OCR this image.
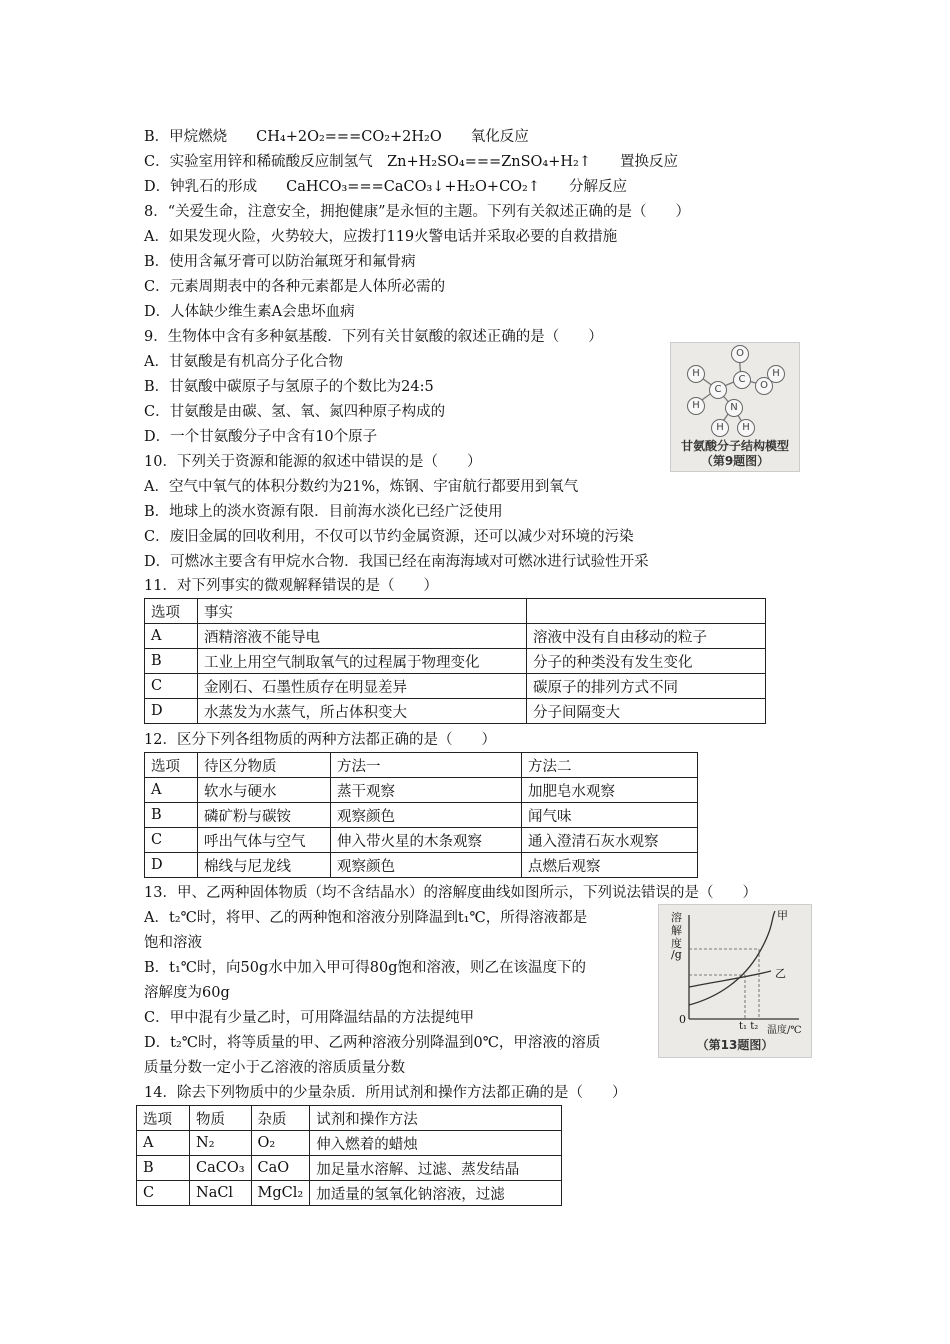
B．甲烷燃烧　　CH₄+2O₂===CO₂+2H₂O　　氧化反应
C．实验室用锌和稀硫酸反应制氢气　Zn+H₂SO₄===ZnSO₄+H₂↑　　置换反应
D．钟乳石的形成　　CaHCO₃===CaCO₃↓+H₂O+CO₂↑　　分解反应
8．“关爱生命，注意安全，拥抱健康”是永恒的主题。下列有关叙述正确的是（　　）
A．如果发现火险，火势较大，应拨打119火警电话并采取必要的自救措施
B．使用含氟牙膏可以防治氟斑牙和氟骨病
C．元素周期表中的各种元素都是人体所必需的
D．人体缺少维生素A会患坏血病
9．生物体中含有多种氨基酸．下列有关甘氨酸的叙述正确的是（　　）
A．甘氨酸是有机高分子化合物
B．甘氨酸中碳原子与氢原子的个数比为24:5
C．甘氨酸是由碳、氢、氧、氮四种原子构成的
D．一个甘氨酸分子中含有10个原子
10．下列关于资源和能源的叙述中错误的是（　　）
A．空气中氧气的体积分数约为21%，炼钢、宇宙航行都要用到氧气
B．地球上的淡水资源有限．目前海水淡化已经广泛使用
C．废旧金属的回收利用，不仅可以节约金属资源，还可以减少对环境的污染
D．可燃冰主要含有甲烷水合物．我国已经在南海海域对可燃冰进行试验性开采
11．对下列事实的微观解释错误的是（　　）
O
C
O
H
C
N
H
H
H	H
甘氨酸分子结构模型
（第9题图）
选项	事实	
A	酒精溶液不能导电	溶液中没有自由移动的粒子
B	工业上用空气制取氧气的过程属于物理变化	分子的种类没有发生变化
C	金刚石、石墨性质存在明显差异	碳原子的排列方式不同
D	水蒸发为水蒸气，所占体积变大	分子间隔变大
12．区分下列各组物质的两种方法都正确的是（　　）
选项	待区分物质	方法一	方法二
A	软水与硬水	蒸干观察	加肥皂水观察
B	磷矿粉与碳铵	观察颜色	闻气味
C	呼出气体与空气	伸入带火星的木条观察	通入澄清石灰水观察
D	棉线与尼龙线	观察颜色	点燃后观察
13．甲、乙两种固体物质（均不含结晶水）的溶解度曲线如图所示，下列说法错误的是（　　）
A．t₂℃时，将甲、乙的两种饱和溶液分别降温到t₁℃，所得溶液都是
饱和溶液
B．t₁℃时，向50g水中加入甲可得80g饱和溶液，则乙在该温度下的
溶解度为60g
C．甲中混有少量乙时，可用降温结晶的方法提纯甲
D．t₂℃时，将等质量的甲、乙两种溶液分别降温到0℃，甲溶液的溶质
质量分数一定小于乙溶液的溶质质量分数
溶
解
度
/g
甲
乙
0
t₁ t₂ 温度/℃
（第13题图）
14．除去下列物质中的少量杂质．所用试剂和操作方法都正确的是（　　）
选项	物质	杂质	试剂和操作方法
A	N₂	O₂	伸入燃着的蜡烛
B	CaCO₃	CaO	加足量水溶解、过滤、蒸发结晶
C	NaCl	MgCl₂	加适量的氢氧化钠溶液，过滤
